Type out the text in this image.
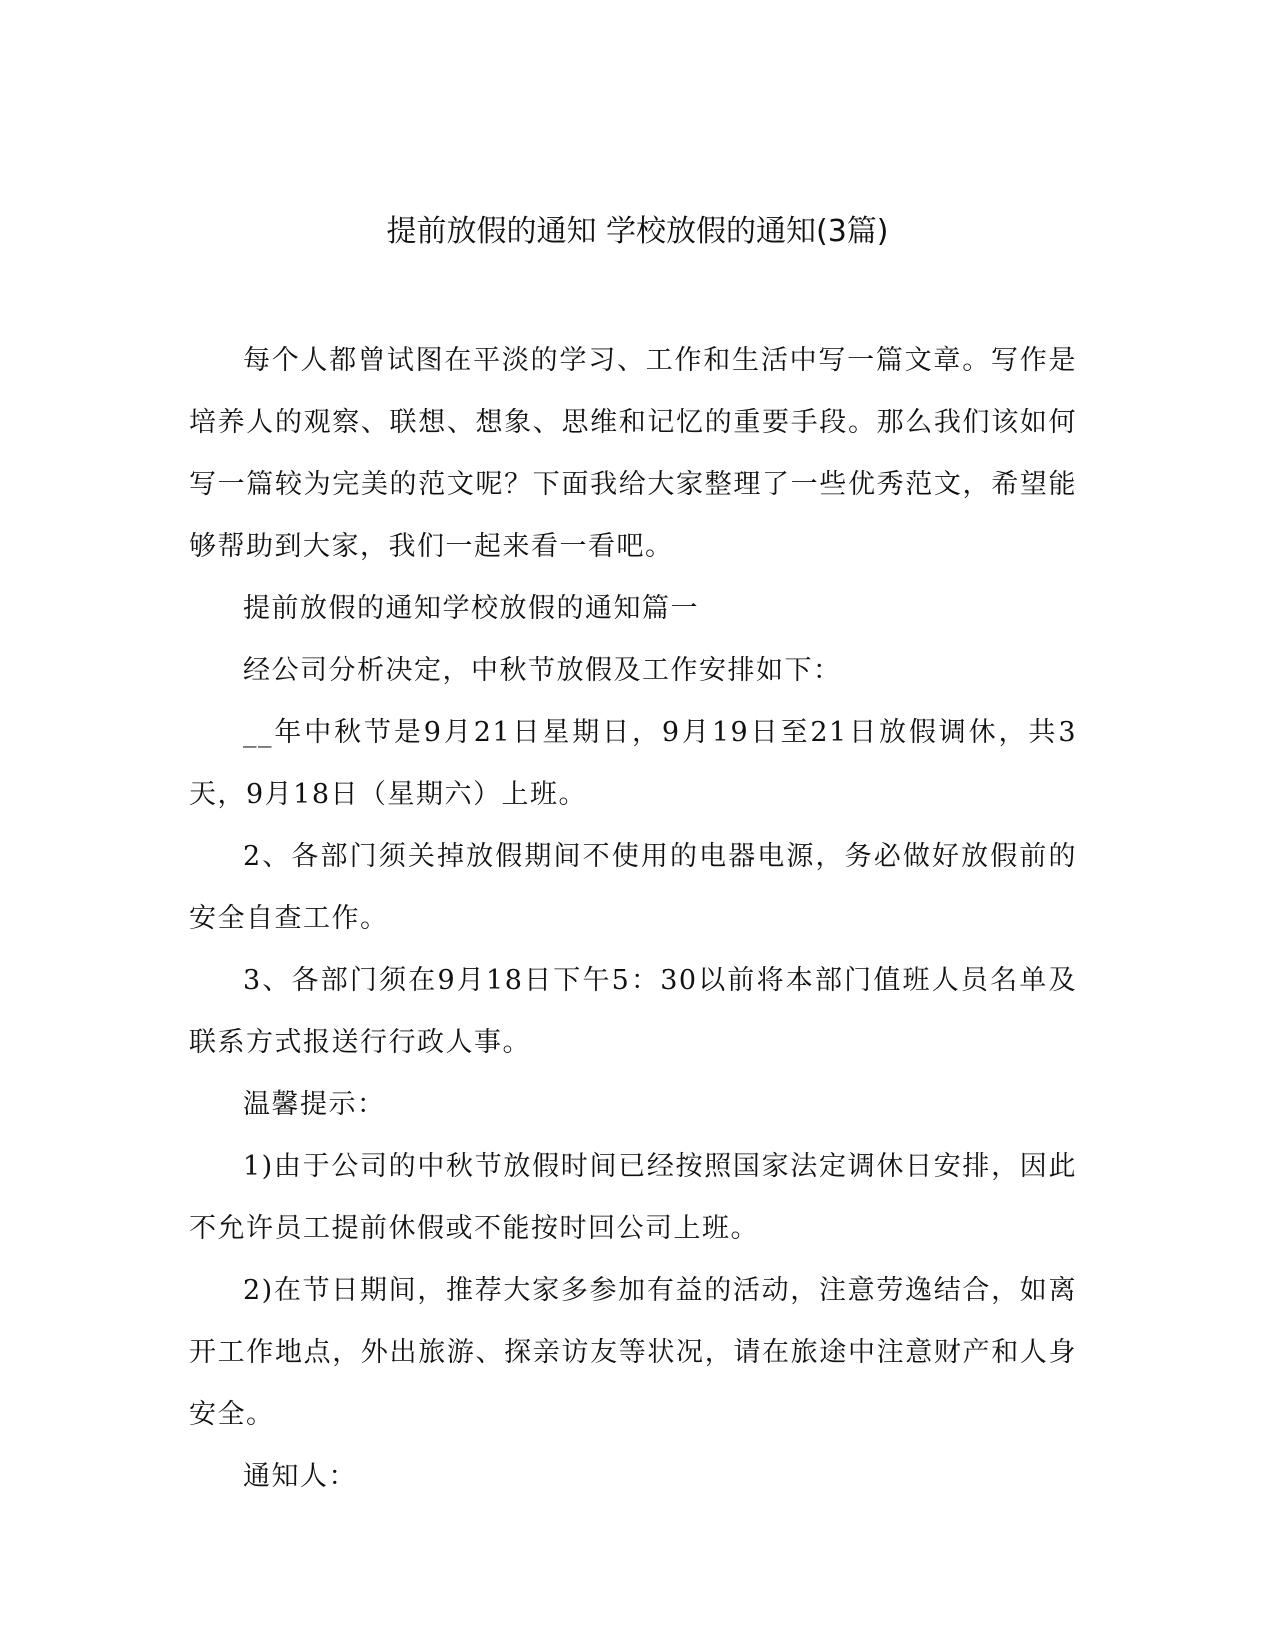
提前放假的通知 学校放假的通知(3篇)

每个人都曾试图在平淡的学习、工作和生活中写一篇文章。写作是培养人的观察、联想、想象、思维和记忆的重要手段。那么我们该如何写一篇较为完美的范文呢？下面我给大家整理了一些优秀范文，希望能够帮助到大家，我们一起来看一看吧。

提前放假的通知学校放假的通知篇一

经公司分析决定，中秋节放假及工作安排如下：

__年中秋节是9月21日星期日，9月19日至21日放假调休，共3天，9月18日（星期六）上班。

2、各部门须关掉放假期间不使用的电器电源，务必做好放假前的安全自查工作。

3、各部门须在9月18日下午5：30以前将本部门值班人员名单及联系方式报送行行政人事。

温馨提示：

1)由于公司的中秋节放假时间已经按照国家法定调休日安排，因此不允许员工提前休假或不能按时回公司上班。

2)在节日期间，推荐大家多参加有益的活动，注意劳逸结合，如离开工作地点，外出旅游、探亲访友等状况，请在旅途中注意财产和人身安全。

通知人：
